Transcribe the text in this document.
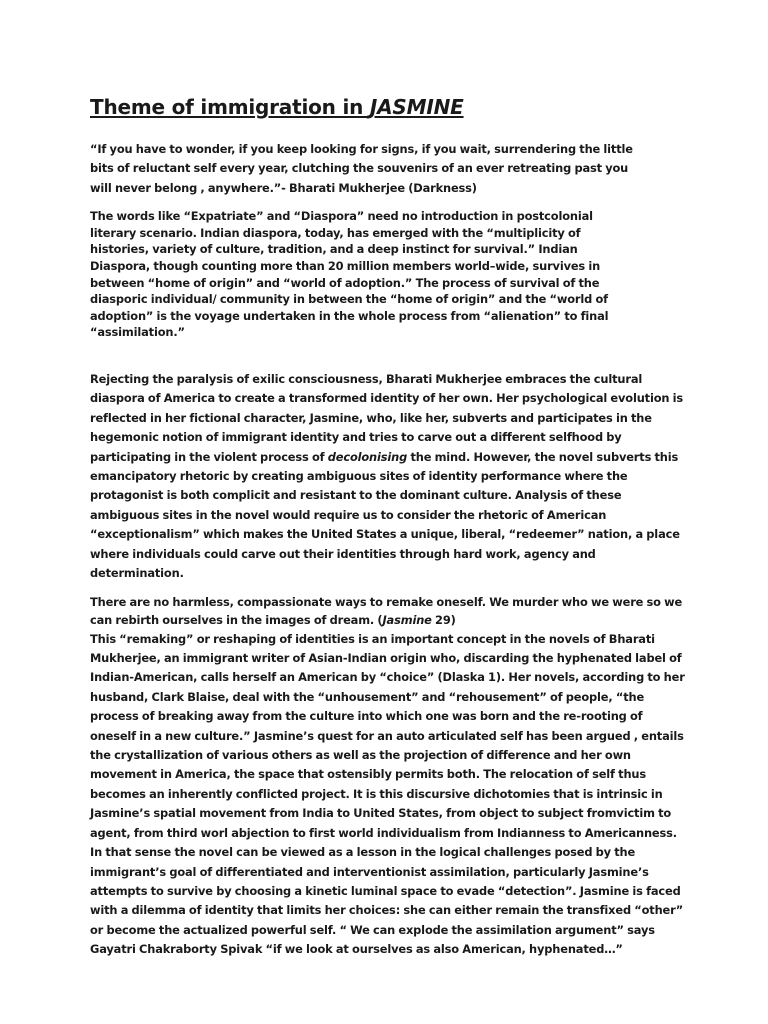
Theme of immigration in JASMINE

“If you have to wonder, if you keep looking for signs, if you wait, surrendering the little bits of reluctant self every year, clutching the souvenirs of an ever retreating past you will never belong , anywhere.”- Bharati Mukherjee (Darkness)

The words like “Expatriate” and “Diaspora” need no introduction in postcolonial literary scenario. Indian diaspora, today, has emerged with the “multiplicity of histories, variety of culture, tradition, and a deep instinct for survival.” Indian Diaspora, though counting more than 20 million members world–wide, survives in between “home of origin” and “world of adoption.” The process of survival of the diasporic individual/ community in between the “home of origin” and the “world of adoption” is the voyage undertaken in the whole process from “alienation” to final “assimilation.”

Rejecting the paralysis of exilic consciousness, Bharati Mukherjee embraces the cultural diaspora of America to create a transformed identity of her own. Her psychological evolution is reflected in her fictional character, Jasmine, who, like her, subverts and participates in the hegemonic notion of immigrant identity and tries to carve out a different selfhood by participating in the violent process of decolonising the mind. However, the novel subverts this emancipatory rhetoric by creating ambiguous sites of identity performance where the protagonist is both complicit and resistant to the dominant culture. Analysis of these ambiguous sites in the novel would require us to consider the rhetoric of American “exceptionalism” which makes the United States a unique, liberal, “redeemer” nation, a place where individuals could carve out their identities through hard work, agency and determination.

There are no harmless, compassionate ways to remake oneself. We murder who we were so we can rebirth ourselves in the images of dream. (Jasmine 29)

This “remaking” or reshaping of identities is an important concept in the novels of Bharati Mukherjee, an immigrant writer of Asian-Indian origin who, discarding the hyphenated label of Indian-American, calls herself an American by “choice” (Dlaska 1). Her novels, according to her husband, Clark Blaise, deal with the “unhousement” and “rehousement” of people, “the process of breaking away from the culture into which one was born and the re-rooting of oneself in a new culture.” Jasmine’s quest for an auto articulated self has been argued , entails the crystallization of various others as well as the projection of difference and her own movement in America, the space that ostensibly permits both. The relocation of self thus becomes an inherently conflicted project. It is this discursive dichotomies that is intrinsic in Jasmine’s spatial movement from India to United States, from object to subject fromvictim to agent, from third worl abjection to first world individualism from Indianness to Americanness. In that sense the novel can be viewed as a lesson in the logical challenges posed by the immigrant’s goal of differentiated and interventionist assimilation, particularly Jasmine’s attempts to survive by choosing a kinetic luminal space to evade “detection”. Jasmine is faced with a dilemma of identity that limits her choices: she can either remain the transfixed “other” or become the actualized powerful self. “ We can explode the assimilation argument” says Gayatri Chakraborty Spivak “if we look at ourselves as also American, hyphenated…”
